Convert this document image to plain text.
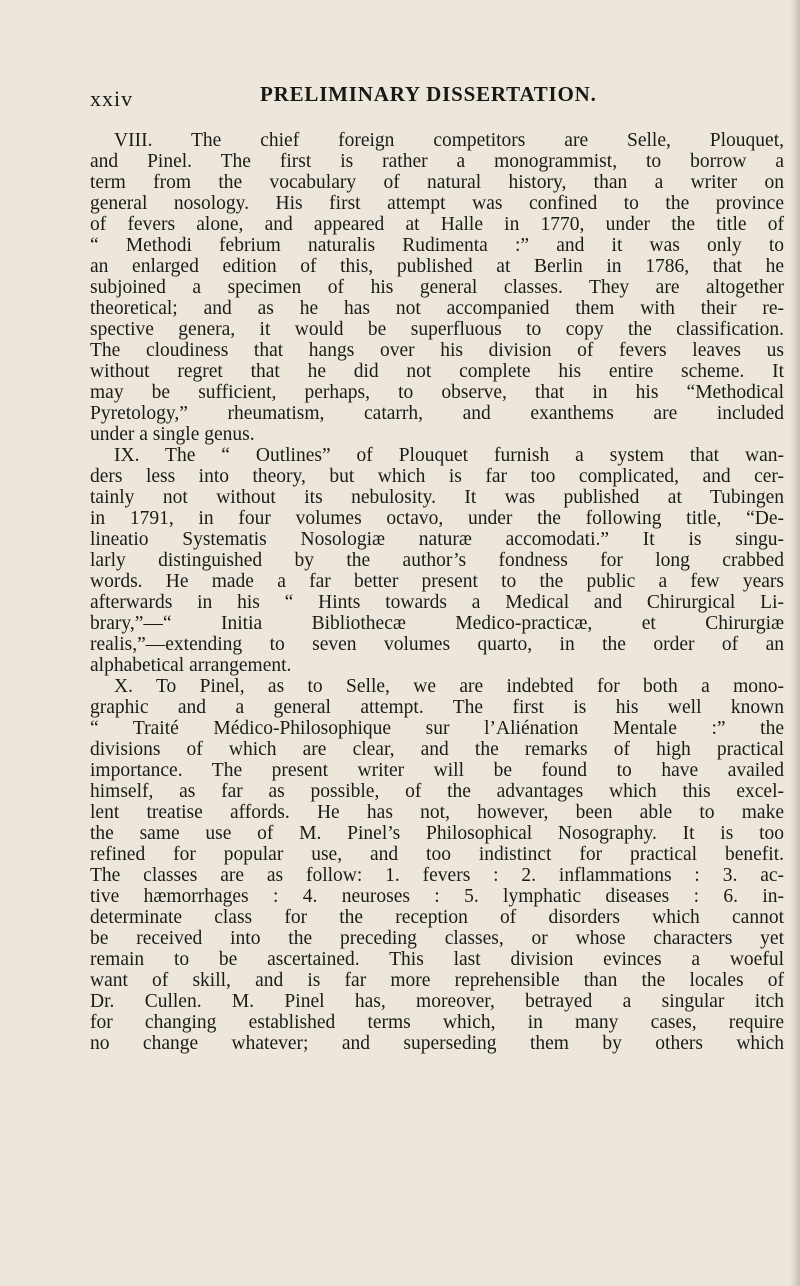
xxiv	PRELIMINARY DISSERTATION.
VIII. The chief foreign competitors are Selle, Plouquet,
and Pinel. The first is rather a monogrammist, to borrow a
term from the vocabulary of natural history, than a writer on
general nosology. His first attempt was confined to the province
of fevers alone, and appeared at Halle in 1770, under the title of
“ Methodi febrium naturalis Rudimenta :” and it was only to
an enlarged edition of this, published at Berlin in 1786, that he
subjoined a specimen of his general classes. They are altogether
theoretical; and as he has not accompanied them with their re-
spective genera, it would be superfluous to copy the classification.
The cloudiness that hangs over his division of fevers leaves us
without regret that he did not complete his entire scheme. It
may be sufficient, perhaps, to observe, that in his “Methodical
Pyretology,” rheumatism, catarrh, and exanthems are included
under a single genus.
IX. The “ Outlines” of Plouquet furnish a system that wan-
ders less into theory, but which is far too complicated, and cer-
tainly not without its nebulosity. It was published at Tubingen
in 1791, in four volumes octavo, under the following title, “De-
lineatio Systematis Nosologiæ naturæ accomodati.” It is singu-
larly distinguished by the author’s fondness for long crabbed
words. He made a far better present to the public a few years
afterwards in his “ Hints towards a Medical and Chirurgical Li-
brary,”—“ Initia Bibliothecæ Medico-practicæ, et Chirurgiæ
realis,”—extending to seven volumes quarto, in the order of an
alphabetical arrangement.
X. To Pinel, as to Selle, we are indebted for both a mono-
graphic and a general attempt. The first is his well known
“ Traité Médico-Philosophique sur l’Aliénation Mentale :” the
divisions of which are clear, and the remarks of high practical
importance. The present writer will be found to have availed
himself, as far as possible, of the advantages which this excel-
lent treatise affords. He has not, however, been able to make
the same use of M. Pinel’s Philosophical Nosography. It is too
refined for popular use, and too indistinct for practical benefit.
The classes are as follow: 1. fevers : 2. inflammations : 3. ac-
tive hæmorrhages : 4. neuroses : 5. lymphatic diseases : 6. in-
determinate class for the reception of disorders which cannot
be received into the preceding classes, or whose characters yet
remain to be ascertained. This last division evinces a woeful
want of skill, and is far more reprehensible than the locales of
Dr. Cullen. M. Pinel has, moreover, betrayed a singular itch
for changing established terms which, in many cases, require
no change whatever; and superseding them by others which
